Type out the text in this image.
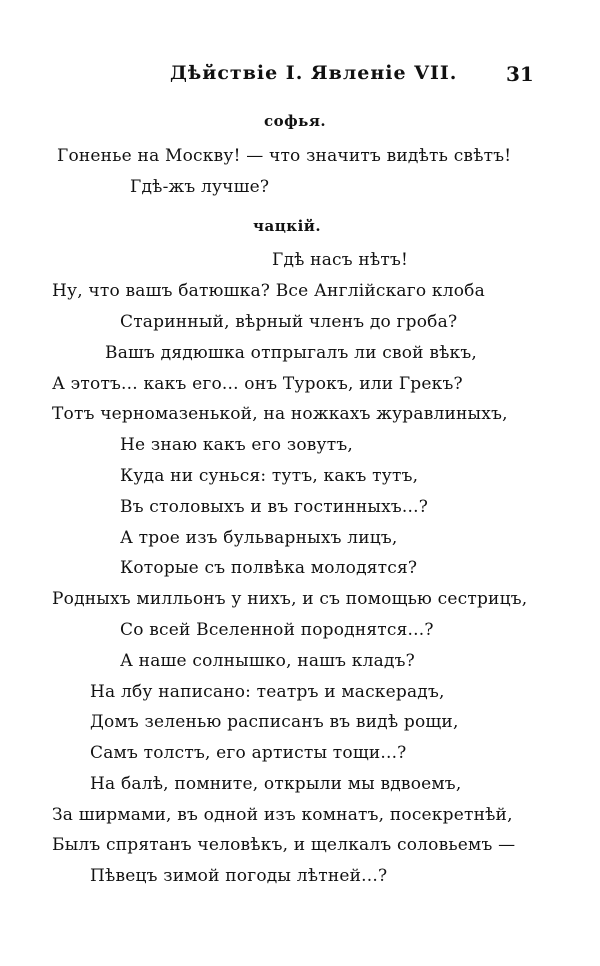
Дѣйствіе I. Явленіе VII. 31
софья.
Гоненье на Москву! — что значитъ видѣть свѣтъ!
Гдѣ-жъ лучше?
чацкій.
Гдѣ насъ нѣтъ!
Ну, что вашъ батюшка? Все Англійскаго клоба
Старинный, вѣрный членъ до гроба?
Вашъ дядюшка отпрыгалъ ли свой вѣкъ,
А этотъ... какъ его... онъ Турокъ, или Грекъ?
Тотъ черномазенькой, на ножкахъ журавлиныхъ,
Не знаю какъ его зовутъ,
Куда ни сунься: тутъ, какъ тутъ,
Въ столовыхъ и въ гостинныхъ...?
А трое изъ бульварныхъ лицъ,
Которые съ полвѣка молодятся?
Родныхъ милльонъ у нихъ, и съ помощью сестрицъ,
Со всей Вселенной породнятся...?
А наше солнышко, нашъ кладъ?
На лбу написано: театръ и маскерадъ,
Домъ зеленью расписанъ въ видѣ рощи,
Самъ толстъ, его артисты тощи...?
На балѣ, помните, открыли мы вдвоемъ,
За ширмами, въ одной изъ комнатъ, посекретнѣй,
Былъ спрятанъ человѣкъ, и щелкалъ соловьемъ —
Пѣвецъ зимой погоды лѣтней...?
